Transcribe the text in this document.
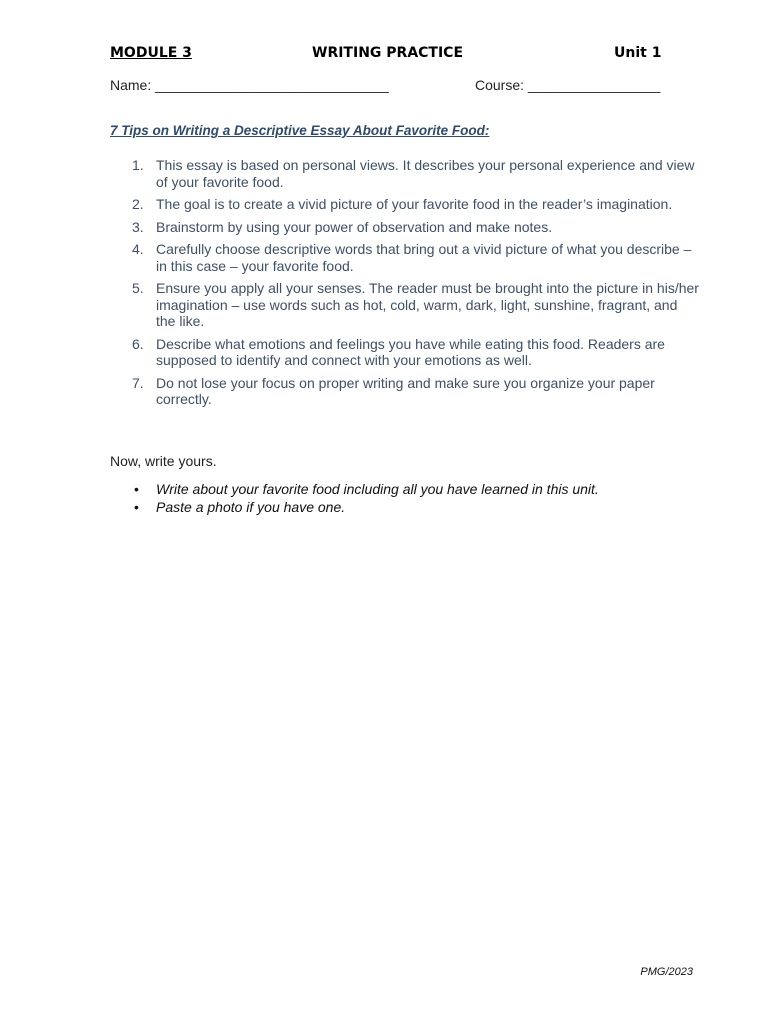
MODULE 3	WRITING PRACTICE	Unit 1
Name: ______________________________	Course: _________________
7 Tips on Writing a Descriptive Essay About Favorite Food:
1. This essay is based on personal views. It describes your personal experience and view of your favorite food.
2. The goal is to create a vivid picture of your favorite food in the reader’s imagination.
3. Brainstorm by using your power of observation and make notes.
4. Carefully choose descriptive words that bring out a vivid picture of what you describe – in this case – your favorite food.
5. Ensure you apply all your senses. The reader must be brought into the picture in his/her imagination – use words such as hot, cold, warm, dark, light, sunshine, fragrant, and the like.
6. Describe what emotions and feelings you have while eating this food. Readers are supposed to identify and connect with your emotions as well.
7. Do not lose your focus on proper writing and make sure you organize your paper correctly.
Now, write yours.
• Write about your favorite food including all you have learned in this unit.
• Paste a photo if you have one.
PMG/2023
